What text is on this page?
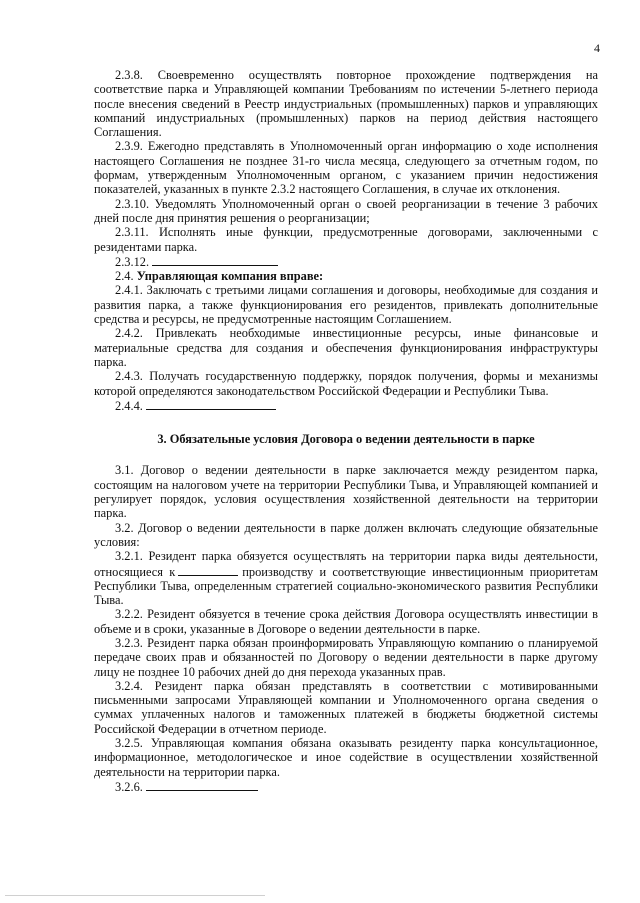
4

2.3.8. Своевременно осуществлять повторное прохождение подтверждения на соответствие парка и Управляющей компании Требованиям по истечении 5-летнего периода после внесения сведений в Реестр индустриальных (промышленных) парков и управляющих компаний индустриальных (промышленных) парков на период действия настоящего Соглашения.

2.3.9. Ежегодно представлять в Уполномоченный орган информацию о ходе исполнения настоящего Соглашения не позднее 31-го числа месяца, следующего за отчетным годом, по формам, утвержденным Уполномоченным органом, с указанием причин недостижения показателей, указанных в пункте 2.3.2 настоящего Соглашения, в случае их отклонения.

2.3.10. Уведомлять Уполномоченный орган о своей реорганизации в течение 3 рабочих дней после дня принятия решения о реорганизации;

2.3.11. Исполнять иные функции, предусмотренные договорами, заключенными с резидентами парка.

2.3.12.

2.4. Управляющая компания вправе:

2.4.1. Заключать с третьими лицами соглашения и договоры, необходимые для создания и развития парка, а также функционирования его резидентов, привлекать дополнительные средства и ресурсы, не предусмотренные настоящим Соглашением.

2.4.2. Привлекать необходимые инвестиционные ресурсы, иные финансовые и материальные средства для создания и обеспечения функционирования инфраструктуры парка.

2.4.3. Получать государственную поддержку, порядок получения, формы и механизмы которой определяются законодательством Российской Федерации и Республики Тыва.

2.4.4.

3. Обязательные условия Договора о ведении деятельности в парке

3.1. Договор о ведении деятельности в парке заключается между резидентом парка, состоящим на налоговом учете на территории Республики Тыва, и Управляющей компанией и регулирует порядок, условия осуществления хозяйственной деятельности на территории парка.

3.2. Договор о ведении деятельности в парке должен включать следующие обязательные условия:

3.2.1. Резидент парка обязуется осуществлять на территории парка виды деятельности, относящиеся к	производству и соответствующие инвестиционным приоритетам Республики Тыва, определенным стратегией социально-экономического развития Республики Тыва.

3.2.2. Резидент обязуется в течение срока действия Договора осуществлять инвестиции в объеме и в сроки, указанные в Договоре о ведении деятельности в парке.

3.2.3. Резидент парка обязан проинформировать Управляющую компанию о планируемой передаче своих прав и обязанностей по Договору о ведении деятельности в парке другому лицу не позднее 10 рабочих дней до дня перехода указанных прав.

3.2.4. Резидент парка обязан представлять в соответствии с мотивированными письменными запросами Управляющей компании и Уполномоченного органа сведения о суммах уплаченных налогов и таможенных платежей в бюджеты бюджетной системы Российской Федерации в отчетном периоде.

3.2.5. Управляющая компания обязана оказывать резиденту парка консультационное, информационное, методологическое и иное содействие в осуществлении хозяйственной деятельности на территории парка.

3.2.6.
